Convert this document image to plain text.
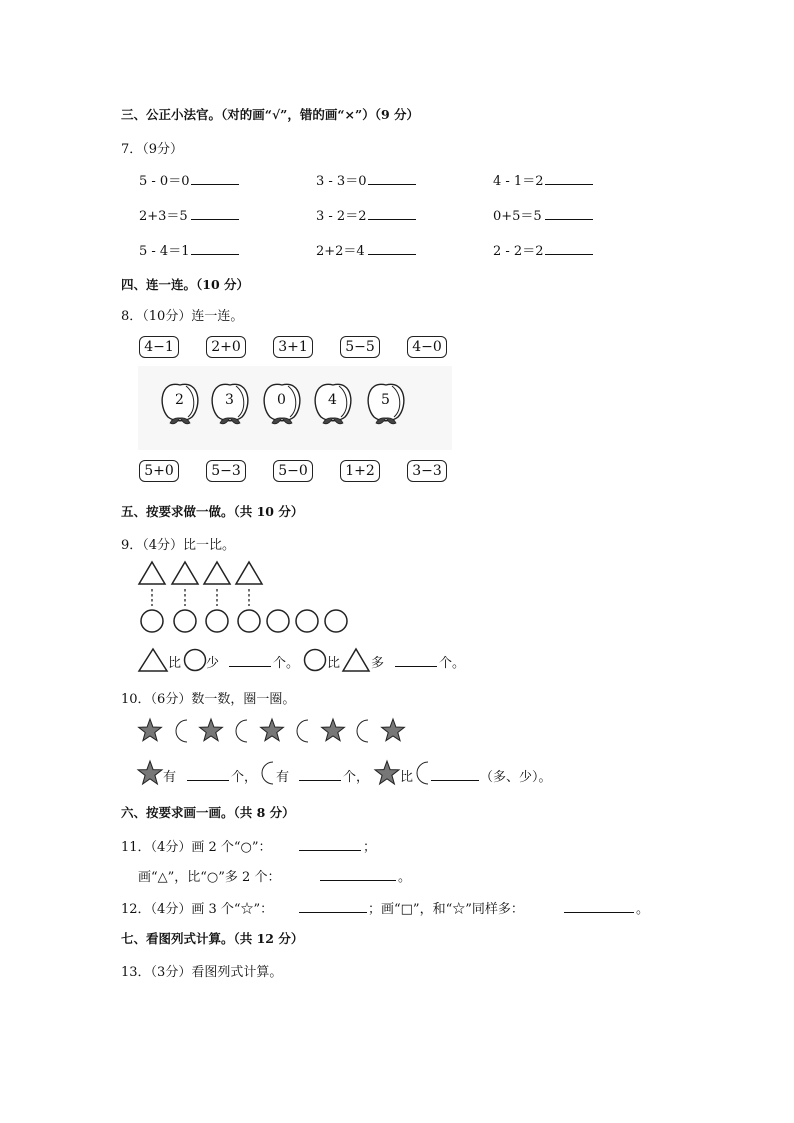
三、公正小法官。（对的画“√”，错的画“×”）（9 分）
7．（9分）
5 - 0＝0	3 - 3＝0	4 - 1＝2
2+3＝5	3 - 2＝2	0+5＝5
5 - 4＝1	2+2＝4	2 - 2＝2
四、连一连。（10 分）
8．（10分）连一连。
4−1	2+0	3+1	5−5	4−0
2	3	0	4	5
5+0	5−3	5−0	1+2	3−3
五、按要求做一做。（共 10 分）
9．（4分）比一比。
比 少	个。 比 多	个。
10．（6分）数一数，圈一圈。
有	个， 有	个， 比	（多、少）。
六、按要求画一画。（共 8 分）
11．（4分）画 2 个“○”：	；
画“△”，比“○”多 2 个：	。
12．（4分）画 3 个“☆”：	；画“□”，和“☆”同样多：	。
七、看图列式计算。（共 12 分）
13．（3分）看图列式计算。
